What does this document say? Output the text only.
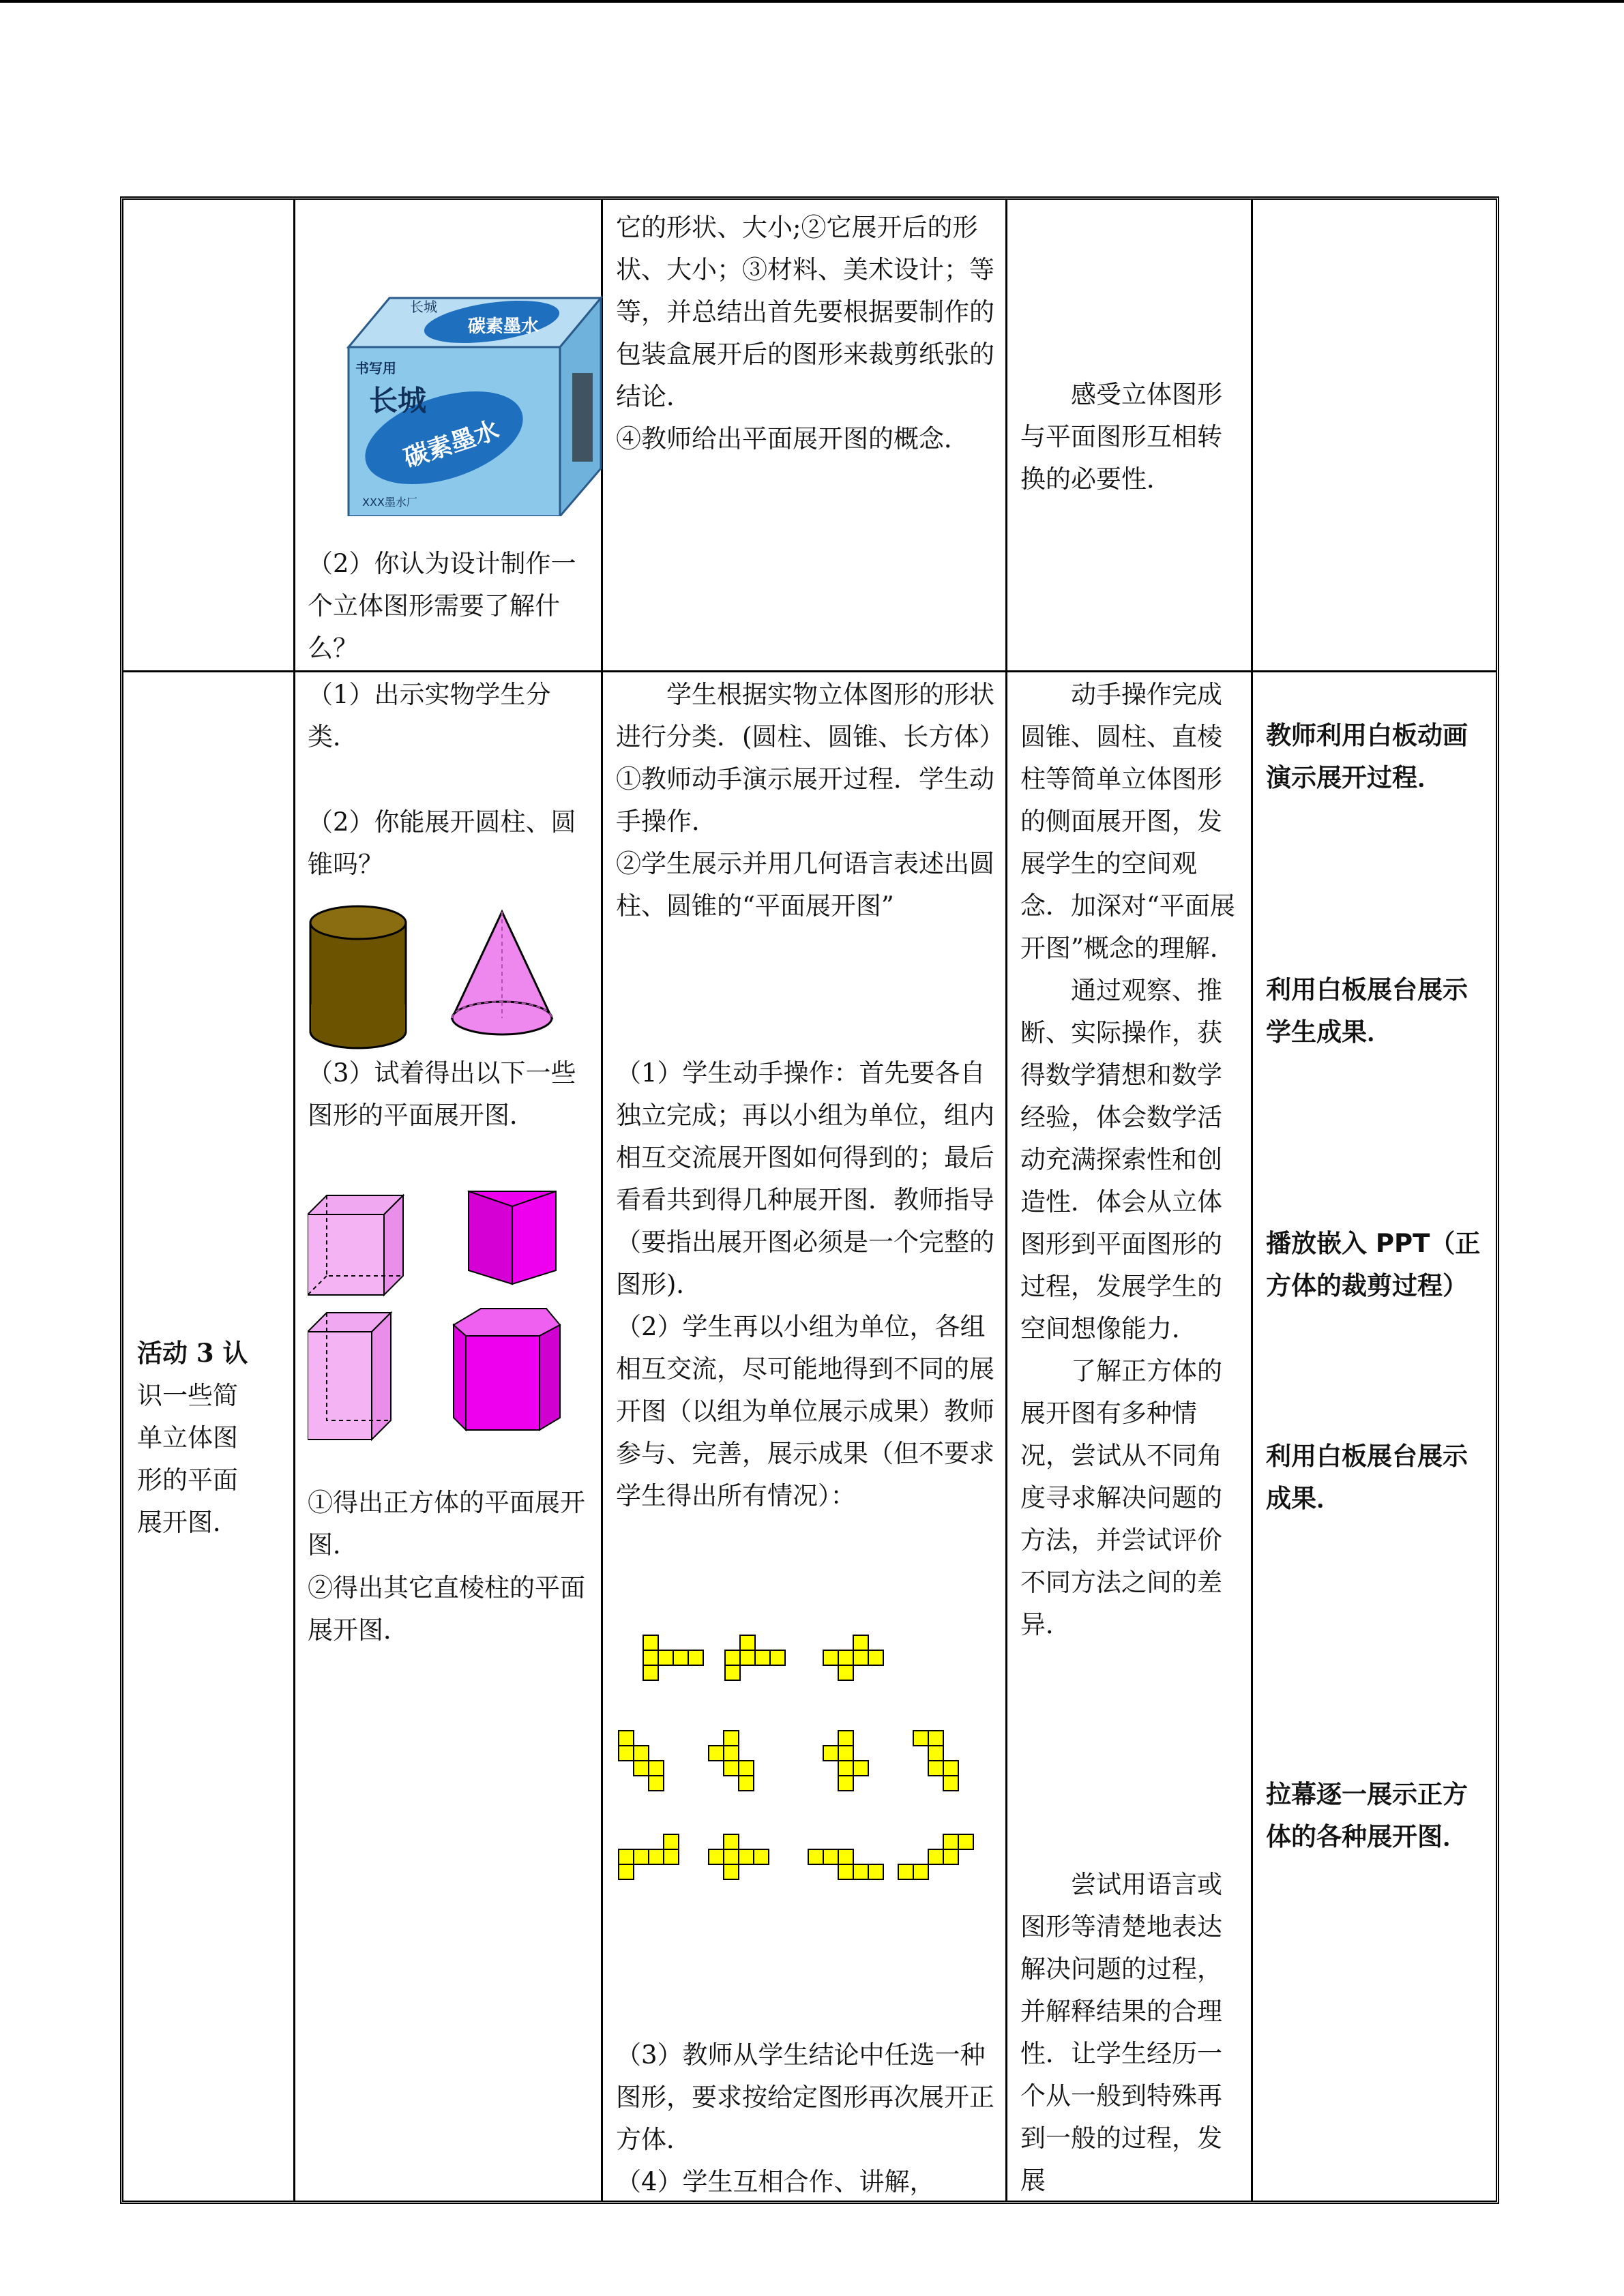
碳素墨水
长城
书写用
长城
碳素墨水
XXX墨水厂
（2）你认为设计制作一个立体图形需要了解什么？

它的形状、大小;②它展开后的形状、大小；③材料、美术设计；等等，并总结出首先要根据要制作的包装盒展开后的图形来裁剪纸张的结论．

④教师给出平面展开图的概念．

感受立体图形与平面图形互相转换的必要性．

活动 3 认

识一些简

单立体图

形的平面

展开图．

（1）出示实物学生分类．
（2）你能展开圆柱、圆锥吗？
（3）试着得出以下一些图形的平面展开图．
①得出正方体的平面展开图．
②得出其它直棱柱的平面展开图．

学生根据实物立体图形的形状进行分类．(圆柱、圆锥、长方体）

①教师动手演示展开过程．学生动手操作．

②学生展示并用几何语言表述出圆柱、圆锥的“平面展开图”

（1）学生动手操作：首先要各自独立完成；再以小组为单位，组内相互交流展开图如何得到的；最后看看共到得几种展开图．教师指导（要指出展开图必须是一个完整的图形)．

（2）学生再以小组为单位，各组相互交流，尽可能地得到不同的展开图（以组为单位展示成果）教师参与、完善，展示成果（但不要求学生得出所有情况）：

（3）教师从学生结论中任选一种图形，要求按给定图形再次展开正方体．

（4）学生互相合作、讲解，

动手操作完成圆锥、圆柱、直棱柱等简单立体图形的侧面展开图，发展学生的空间观念．加深对“平面展开图”概念的理解．

通过观察、推断、实际操作，获得数学猜想和数学经验，体会数学活动充满探索性和创造性．体会从立体图形到平面图形的过程，发展学生的空间想像能力．

了解正方体的展开图有多种情况，尝试从不同角度寻求解决问题的方法，并尝试评价不同方法之间的差异．

尝试用语言或图形等清楚地表达解决问题的过程，并解释结果的合理性．让学生经历一个从一般到特殊再到一般的过程，发展

教师利用白板动画演示展开过程．
利用白板展台展示学生成果．
播放嵌入 PPT（正方体的裁剪过程）
利用白板展台展示成果．
拉幕逐一展示正方体的各种展开图．
